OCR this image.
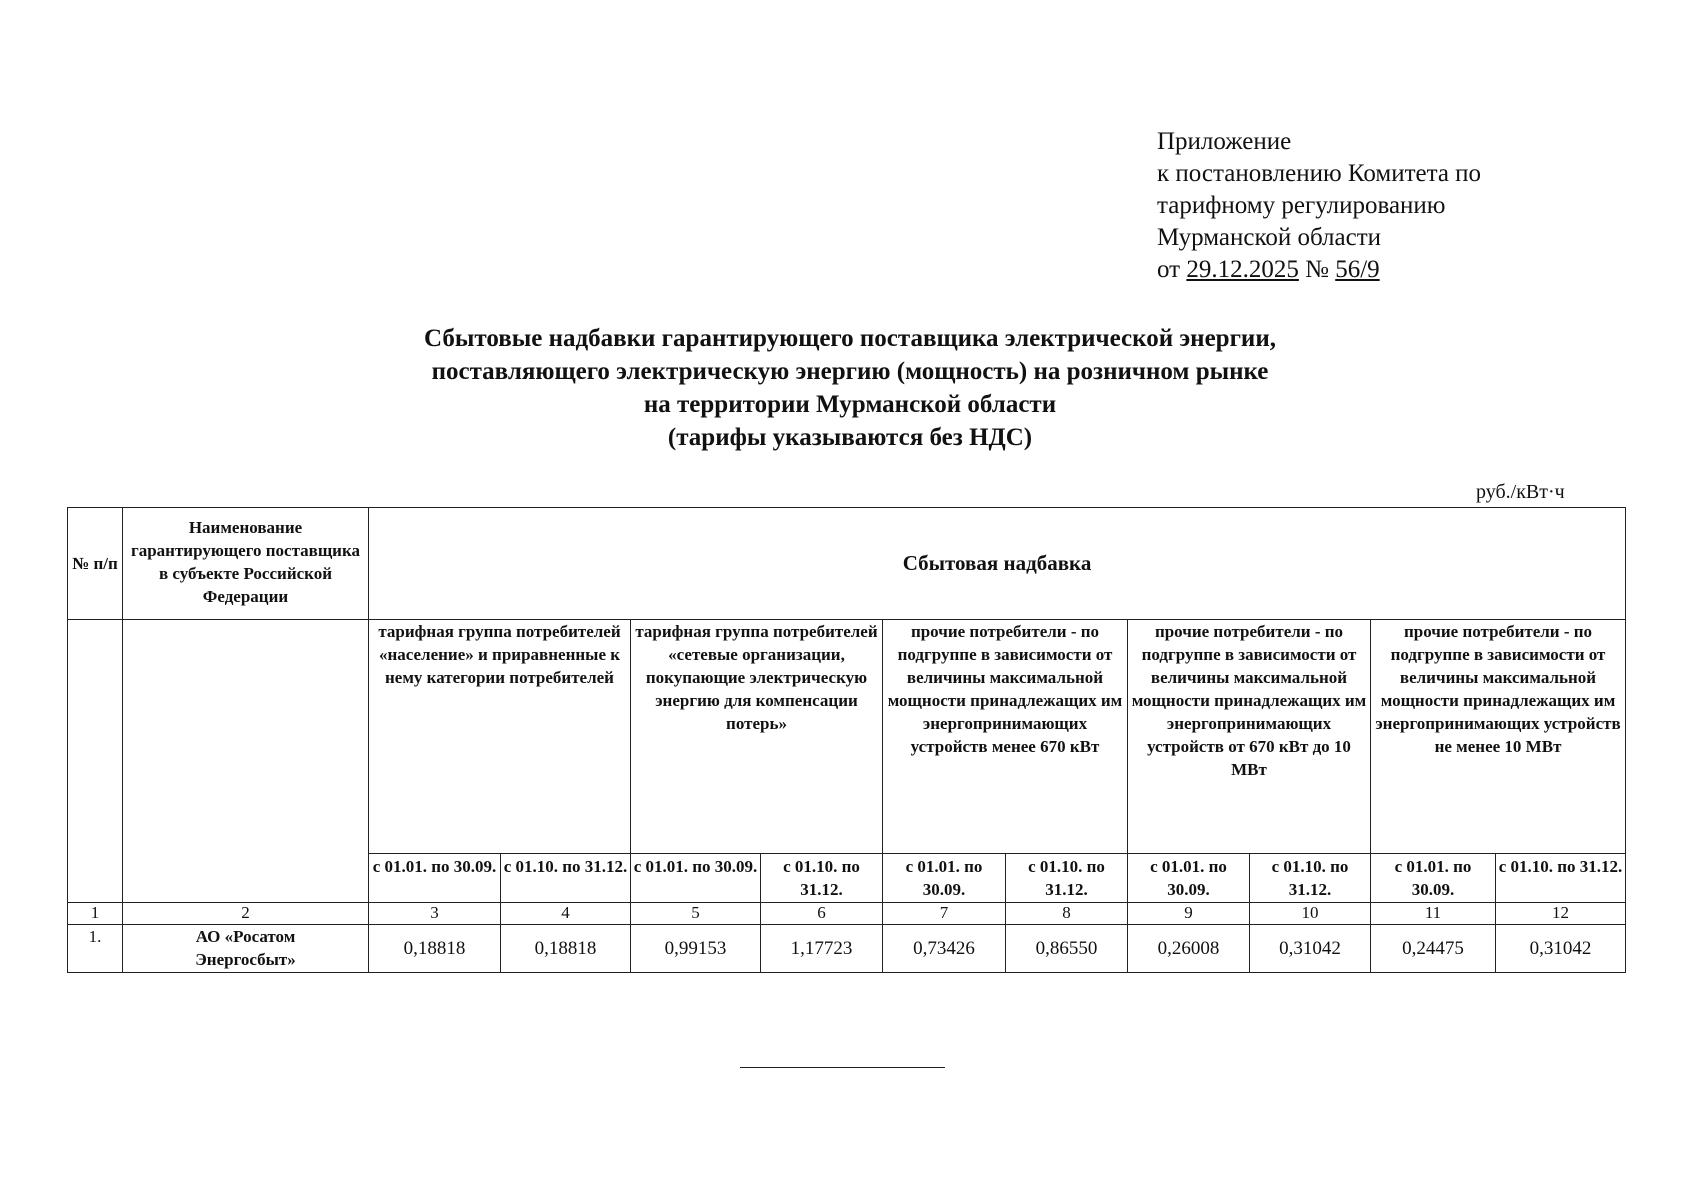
Приложение
к постановлению Комитета по
тарифному регулированию
Мурманской области
от 29.12.2025 № 56/9
Сбытовые надбавки гарантирующего поставщика электрической энергии,
поставляющего электрическую энергию (мощность) на розничном рынке
на территории Мурманской области
(тарифы указываются без НДС)
руб./кВт·ч
№ п/п	Наименование гарантирующего поставщика в субъекте Российской Федерации	Сбытовая надбавка									
		тарифная группа потребителей «население» и приравненные к нему категории потребителей		тарифная группа потребителей «сетевые организации, покупающие электрическую энергию для компенсации потерь»		прочие потребители - по подгруппе в зависимости от величины максимальной мощности принадлежащих им энергопринимающих устройств менее 670 кВт		прочие потребители - по подгруппе в зависимости от величины максимальной мощности принадлежащих им энергопринимающих устройств от 670 кВт до 10 МВт		прочие потребители - по подгруппе в зависимости от величины максимальной мощности принадлежащих им энергопринимающих устройств не менее 10 МВт	
		с 01.01. по 30.09.	с 01.10. по 31.12.	с 01.01. по 30.09.	с 01.10. по 31.12.	с 01.01. по 30.09.	с 01.10. по 31.12.	с 01.01. по 30.09.	с 01.10. по 31.12.	с 01.01. по 30.09.	с 01.10. по 31.12.
1	2	3	4	5	6	7	8	9	10	11	12
1.	АО «Росатом Энергосбыт»	0,18818	0,18818	0,99153	1,17723	0,73426	0,86550	0,26008	0,31042	0,24475	0,31042
